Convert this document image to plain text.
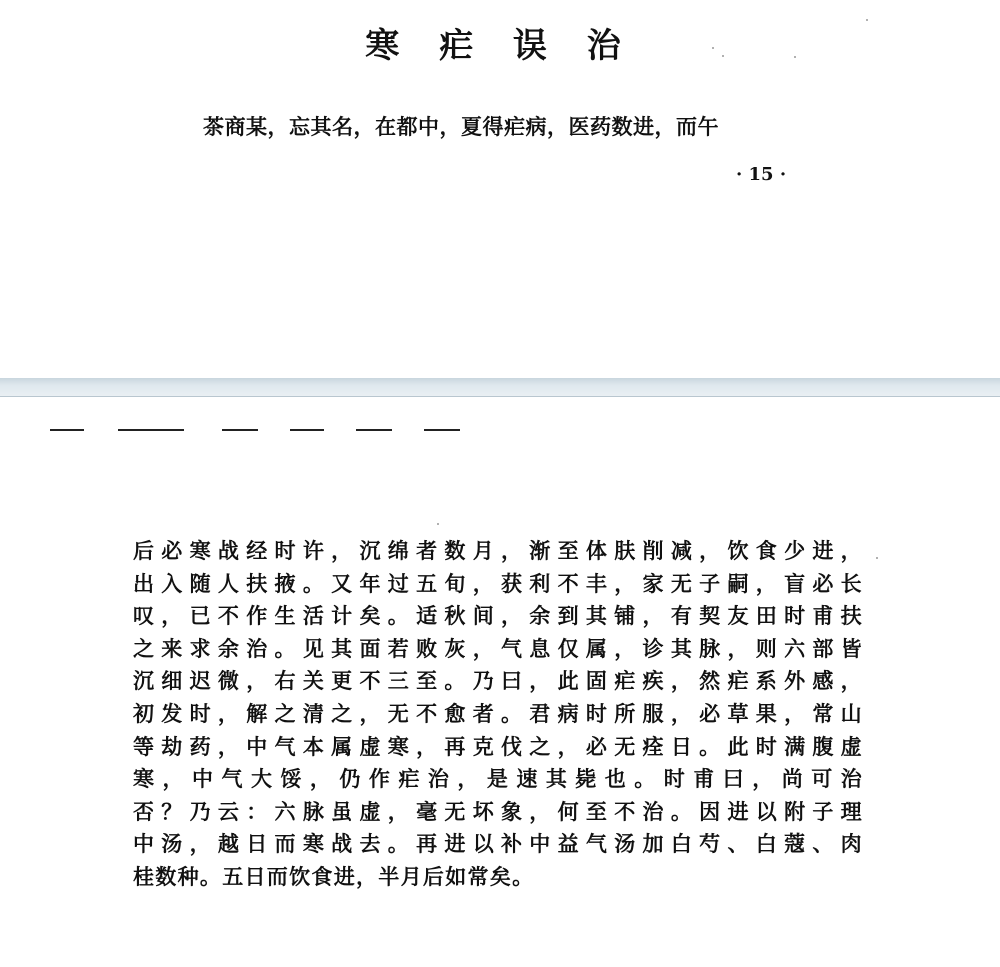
寒 疟 误 治
茶商某，忘其名，在都中，夏得疟病，医药数进，而午
· 15 ·
后必寒战经时许，沉绵者数月，渐至体肤削减，饮食少进，
出入随人扶掖。又年过五旬，获利不丰，家无子嗣，盲必长
叹，已不作生活计矣。适秋间，余到其铺，有契友田时甫扶
之来求余治。见其面若败灰，气息仅属，诊其脉，则六部皆
沉细迟微，右关更不三至。乃曰，此固疟疾，然疟系外感，
初发时，解之清之，无不愈者。君病时所服，必草果，常山
等劫药，中气本属虚寒，再克伐之，必无痊日。此时满腹虚
寒，中气大馁，仍作疟治，是速其毙也。时甫曰，尚可治
否？乃云：六脉虽虚，毫无坏象，何至不治。因进以附子理
中汤，越日而寒战去。再进以补中益气汤加白芍、白蔻、肉
桂数种。五日而饮食进，半月后如常矣。
